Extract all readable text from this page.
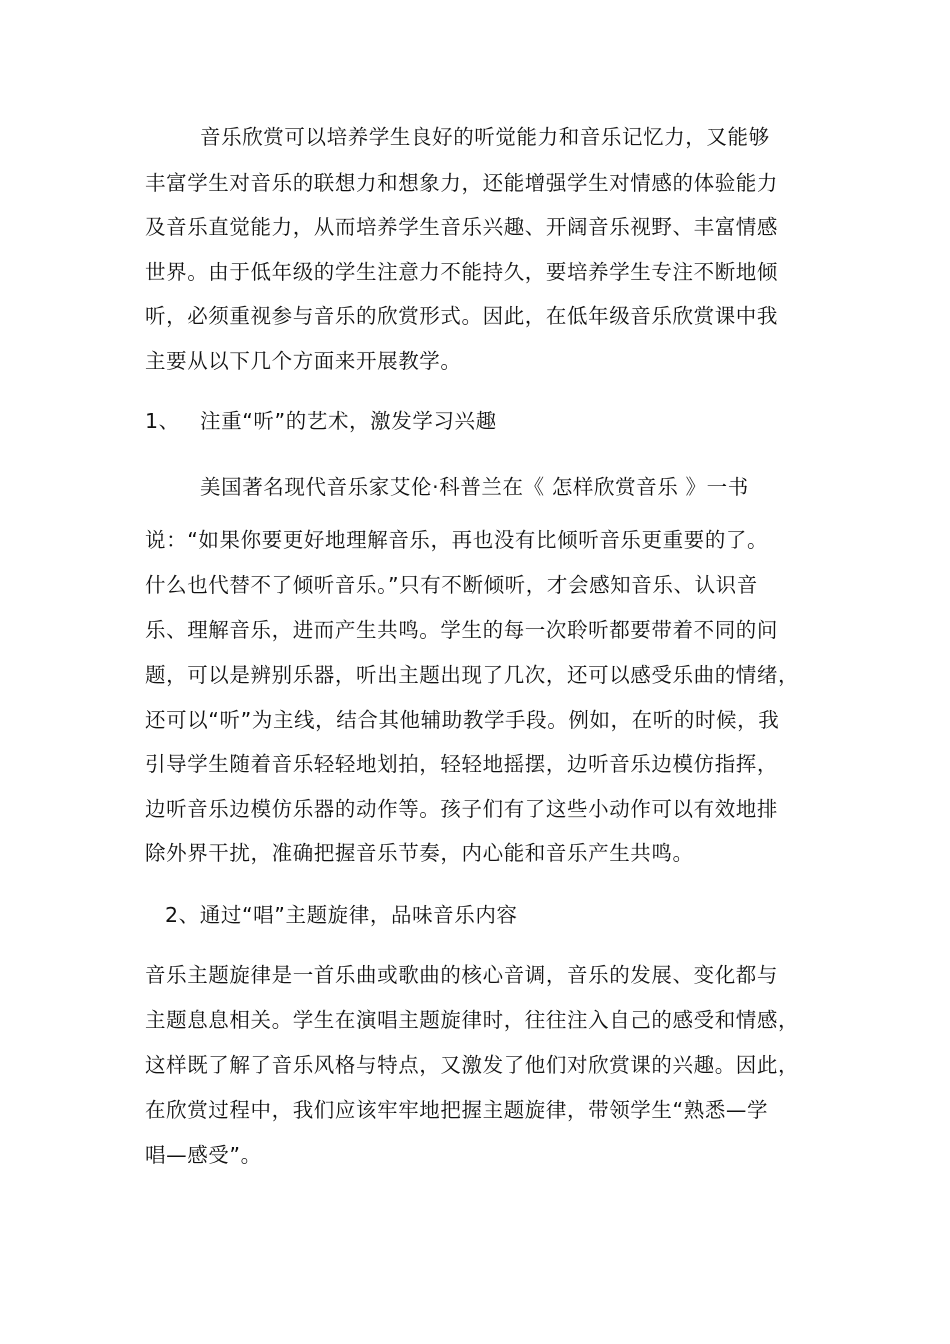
音乐欣赏可以培养学生良好的听觉能力和音乐记忆力，又能够
丰富学生对音乐的联想力和想象力，还能增强学生对情感的体验能力
及音乐直觉能力，从而培养学生音乐兴趣、开阔音乐视野、丰富情感
世界。由于低年级的学生注意力不能持久，要培养学生专注不断地倾
听，必须重视参与音乐的欣赏形式。因此，在低年级音乐欣赏课中我
主要从以下几个方面来开展教学。
1、 注重“听”的艺术，激发学习兴趣
美国著名现代音乐家艾伦·科普兰在《 怎样欣赏音乐 》一书
说：“如果你要更好地理解音乐，再也没有比倾听音乐更重要的了。
什么也代替不了倾听音乐。”只有不断倾听，才会感知音乐、认识音
乐、理解音乐，进而产生共鸣。学生的每一次聆听都要带着不同的问
题，可以是辨别乐器，听出主题出现了几次，还可以感受乐曲的情绪，
还可以“听”为主线，结合其他辅助教学手段。例如，在听的时候，我
引导学生随着音乐轻轻地划拍，轻轻地摇摆，边听音乐边模仿指挥，
边听音乐边模仿乐器的动作等。孩子们有了这些小动作可以有效地排
除外界干扰，准确把握音乐节奏，内心能和音乐产生共鸣。
2、通过“唱”主题旋律，品味音乐内容
音乐主题旋律是一首乐曲或歌曲的核心音调，音乐的发展、变化都与
主题息息相关。学生在演唱主题旋律时，往往注入自己的感受和情感，
这样既了解了音乐风格与特点，又激发了他们对欣赏课的兴趣。因此，
在欣赏过程中，我们应该牢牢地把握主题旋律，带领学生“熟悉—学
唱—感受”。
